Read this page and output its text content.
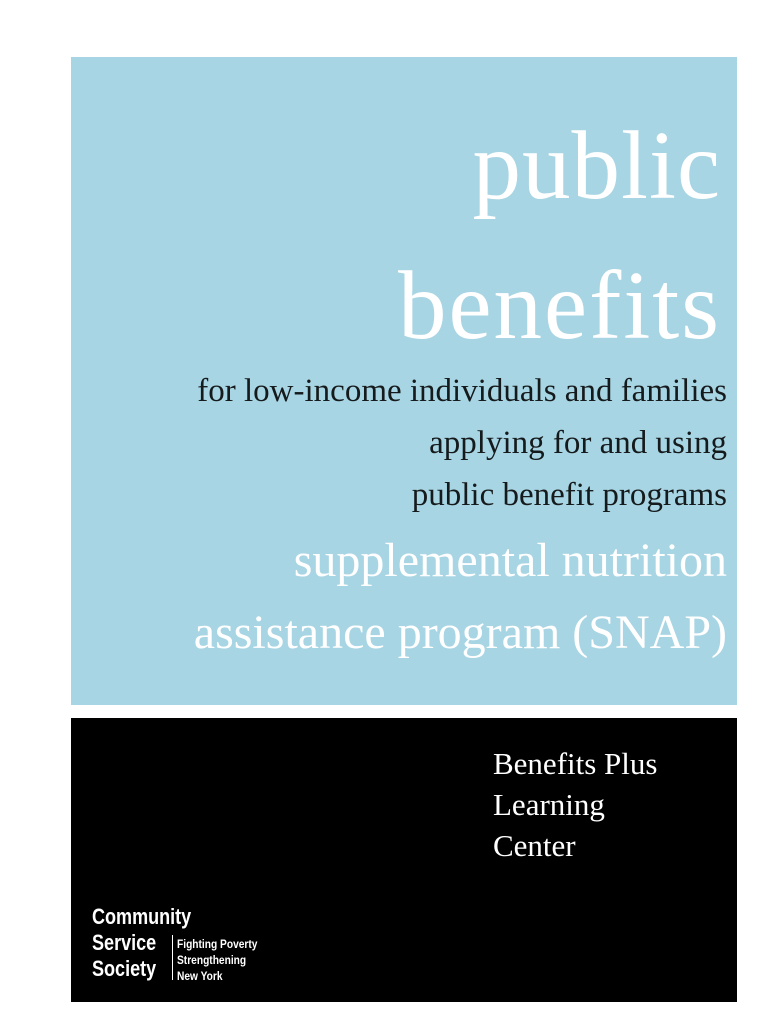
public
benefits

for low-income individuals and families

applying for and using

public benefit programs

supplemental nutrition

assistance program (SNAP)

Benefits Plus

Learning

Center

Community

Service

Society

Fighting Poverty

Strengthening

New York
